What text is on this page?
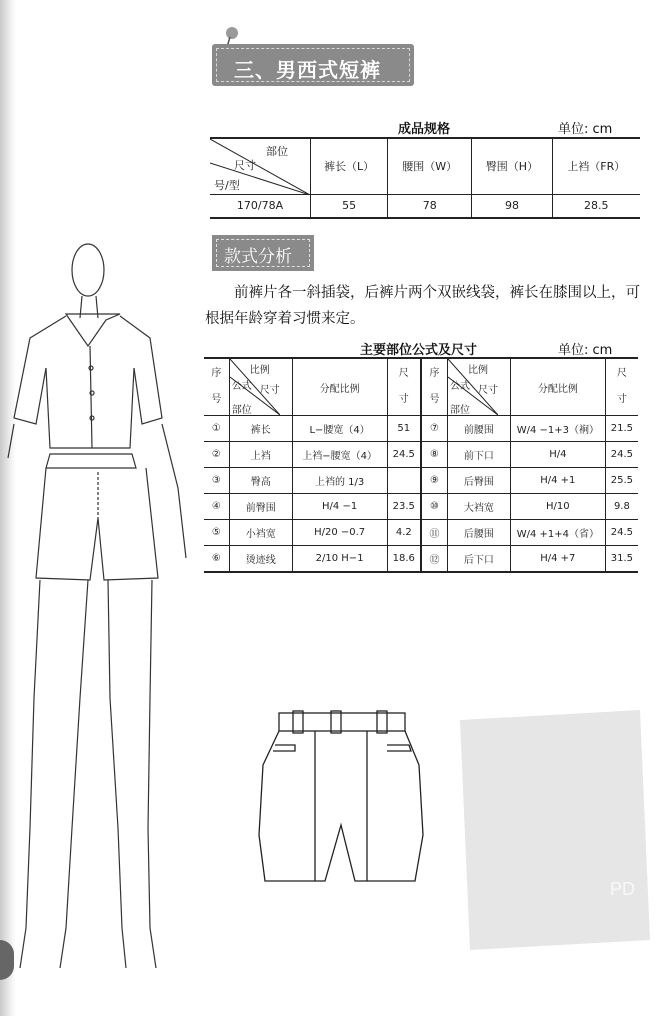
三、男西式短裤
成品规格	单位: cm
部位
尺寸
号/型	裤长（L）	腰围（W）	臀围（H）	上裆（FR）
170/78A	55	78	98	28.5
款式分析
前裤片各一斜插袋，后裤片两个双嵌线袋，裤长在膝围以上，可根据年龄穿着习惯来定。
主要部位公式及尺寸	单位: cm
序号	比例
公式 尺寸
部位	分配比例	尺寸	序号	比例
公式 尺寸
部位	分配比例	尺寸
①	裤长	L−腰宽（4）	51	⑦	前腰围	W/4 −1+3（裥）	21.5
②	上裆	上裆−腰宽（4）	24.5	⑧	前下口	H/4	24.5
③	臀高	上裆的 1/3		⑨	后臀围	H/4 +1	25.5
④	前臀围	H/4 −1	23.5	⑩	大裆宽	H/10	9.8
⑤	小裆宽	H/20 −0.7	4.2	⑪	后腰围	W/4 +1+4（省）	24.5
⑥	烫迹线	2/10 H−1	18.6	⑫	后下口	H/4 +7	31.5
PD
